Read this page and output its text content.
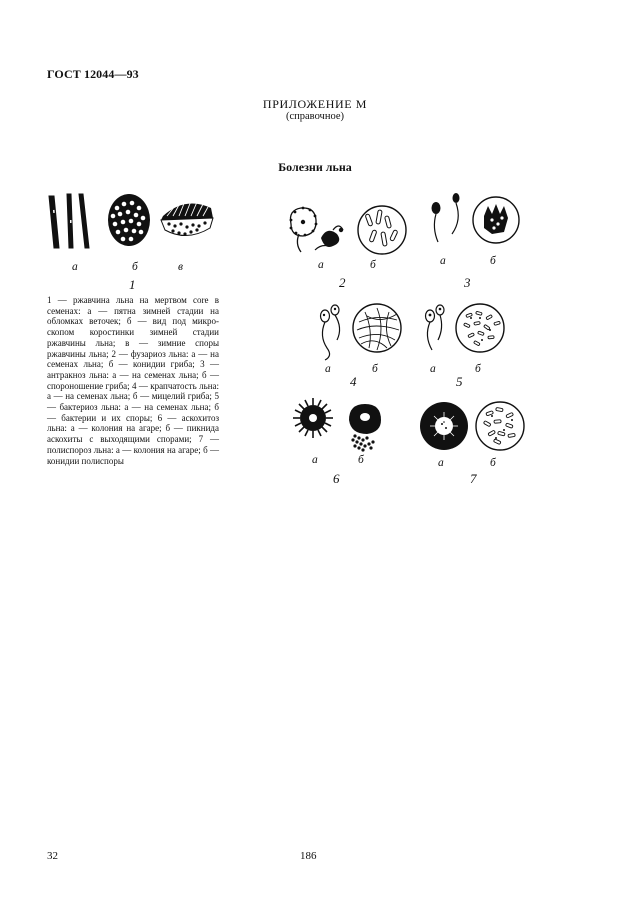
ГОСТ 12044—93
ПРИЛОЖЕНИЕ М
(справочное)
Болезни льна
а	б	в
1
а	б
2
а	б
3
а	б
4
а	б
5
а	б
6
а	б
7

1 — ржавчина льна на мертвом сore в семенах: а — пятна зимней стадии на обломках веточек; б — вид под микроскопом коростинки зимней стадии ржавчины льна; в — зимние споры ржавчины льна; 2 — фузариоз льна: а — на семенах льна; б — конидии гриба; 3 — антракноз льна: а — на семенах льна; б — спороношение гриба; 4 — крапчатость льна: а — на семенах льна; б — мицелий гриба; 5 — бактериоз льна: а — на семенах льна; б — бактерии и их споры; 6 — аскохитоз льна: а — колония на агаре; б — пикнида аскохиты с выходящими спорами; 7 — полиспороз льна: а — колония на агаре; б — конидии полиспоры

32	186
